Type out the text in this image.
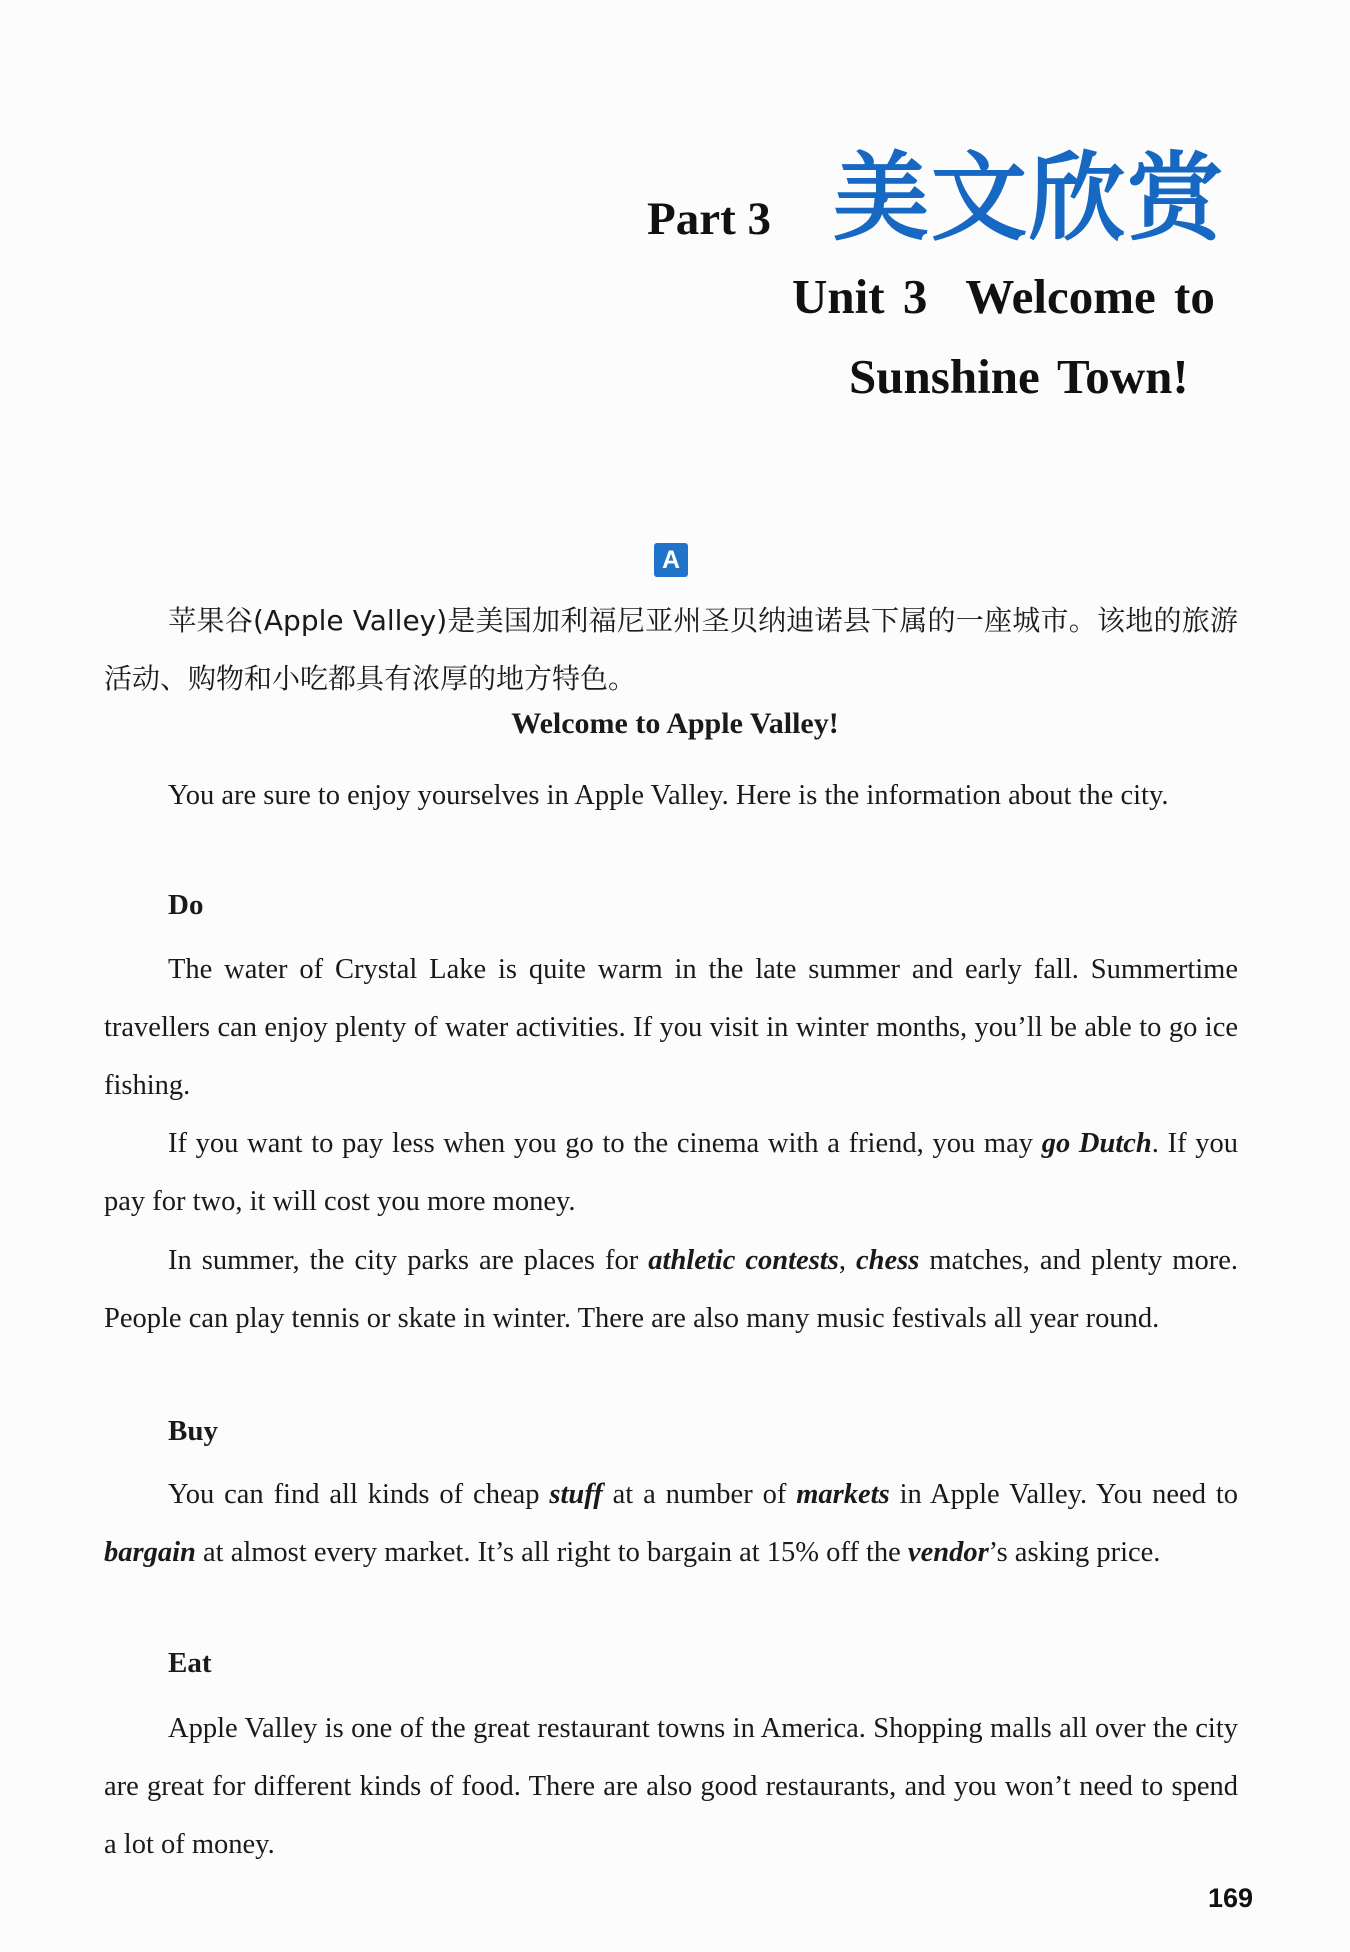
Part 3 美文欣赏
Unit 3 Welcome to
Sunshine Town!
A
苹果谷(Apple Valley)是美国加利福尼亚州圣贝纳迪诺县下属的一座城市。该地的旅游活动、购物和小吃都具有浓厚的地方特色。
Welcome to Apple Valley!
You are sure to enjoy yourselves in Apple Valley. Here is the information about the city.
Do
The water of Crystal Lake is quite warm in the late summer and early fall. Summertime travellers can enjoy plenty of water activities. If you visit in winter months, you’ll be able to go ice fishing.
If you want to pay less when you go to the cinema with a friend, you may go Dutch. If you pay for two, it will cost you more money.
In summer, the city parks are places for athletic contests, chess matches, and plenty more. People can play tennis or skate in winter. There are also many music festivals all year round.
Buy
You can find all kinds of cheap stuff at a number of markets in Apple Valley. You need to bargain at almost every market. It’s all right to bargain at 15% off the vendor’s asking price.
Eat
Apple Valley is one of the great restaurant towns in America. Shopping malls all over the city are great for different kinds of food. There are also good restaurants, and you won’t need to spend a lot of money.
169
